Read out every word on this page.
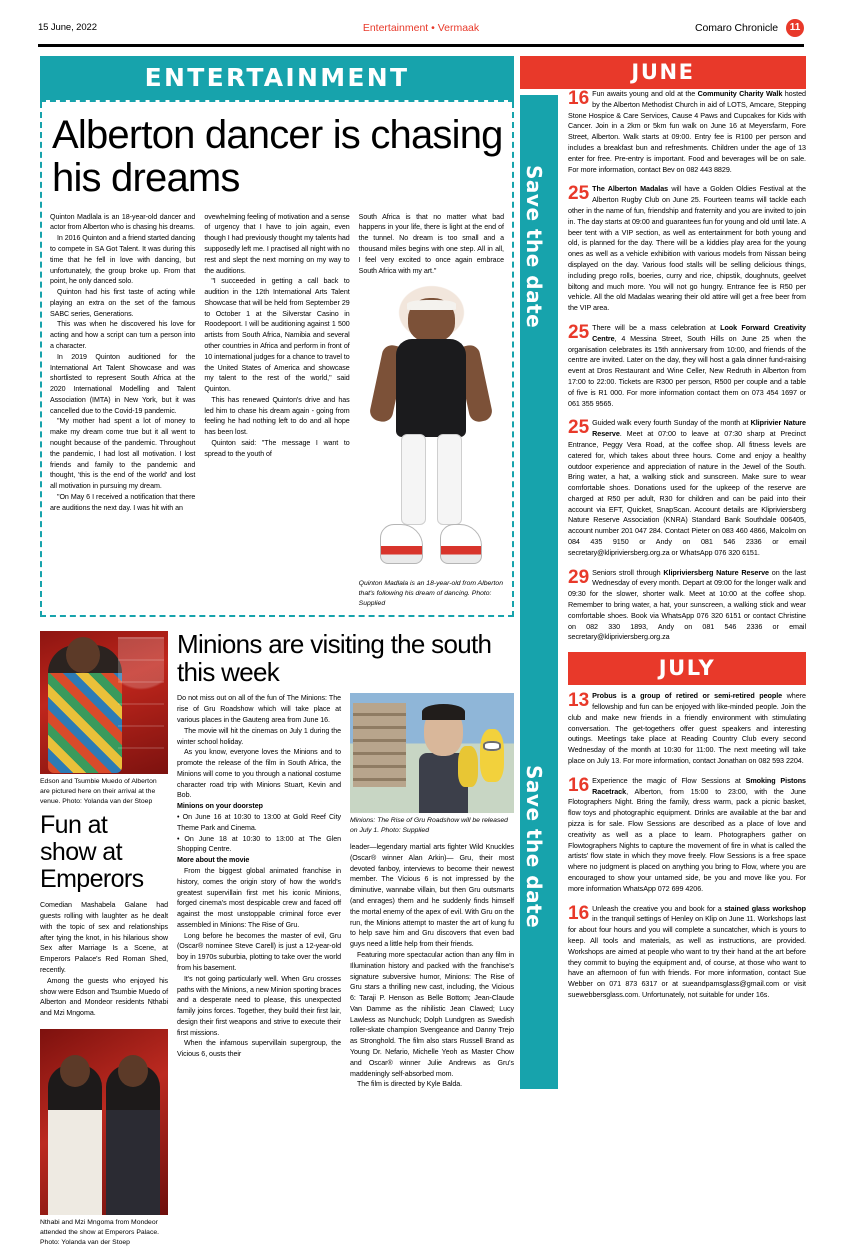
15 June, 2022	Entertainment • Vermaak	Comaro Chronicle	11
ENTERTAINMENT
Alberton dancer is chasing his dreams

Quinton Madlala is an 18-year-old dancer and actor from Alberton who is chasing his dreams.

In 2016 Quinton and a friend started dancing to compete in SA Got Talent. It was during this time that he fell in love with dancing, but unfortunately, the group broke up. From that point, he only danced solo.

Quinton had his first taste of acting while playing an extra on the set of the famous SABC series, Generations.

This was when he discovered his love for acting and how a script can turn a person into a character.

In 2019 Quinton auditioned for the International Art Talent Showcase and was shortlisted to represent South Africa at the 2020 International Modelling and Talent Association (IMTA) in New York, but it was cancelled due to the Covid-19 pandemic.

"My mother had spent a lot of money to make my dream come true but it all went to nought because of the pandemic. Throughout the pandemic, I had lost all motivation. I lost friends and family to the pandemic and thought, 'this is the end of the world' and lost all motivation in pursuing my dream.

"On May 6 I received a notification that there are auditions the next day. I was hit with an

ovewhelming feeling of motivation and a sense of urgency that I have to join again, even though I had previously thought my talents had supposedly left me. I practised all night with no rest and slept the next morning on my way to the auditions.

"I succeeded in getting a call back to audition in the 12th International Arts Talent Showcase that will be held from September 29 to October 1 at the Silverstar Casino in Roodepoort. I will be auditioning against 1 500 artists from South Africa, Namibia and several other countries in Africa and perform in front of 10 international judges for a chance to travel to the United States of America and showcase my talent to the rest of the world," said Quinton.

This has renewed Quinton's drive and has led him to chase his dream again - going from feeling he had nothing left to do and all hope has been lost.

Quinton said: "The message I want to spread to the youth of

South Africa is that no matter what bad happens in your life, there is light at the end of the tunnel. No dream is too small and a thousand miles begins with one step. All in all, I feel very excited to once again embrace South Africa with my art."

Quinton Madlala is an 18-year-old from Alberton that's following his dream of dancing. Photo: Supplied
Edson and Tsumbie Muedo of Alberton are pictured here on their arrival at the venue. Photo: Yolanda van der Stoep
Fun at show at Emperors

Comedian Mashabela Galane had guests rolling with laughter as he dealt with the topic of sex and relationships after tying the knot, in his hilarious show Sex after Marriage Is a Scene, at Emperors Palace's Red Roman Shed, recently.

Among the guests who enjoyed his show were Edson and Tsumbie Muedo of Alberton and Mondeor residents Nthabi and Mzi Mngoma.

Nthabi and Mzi Mngoma from Mondeor attended the show at Emperors Palace. Photo: Yolanda van der Stoep
Minions are visiting the south this week

Do not miss out on all of the fun of The Minions: The rise of Gru Roadshow which will take place at various places in the Gauteng area from June 16.

The movie will hit the cinemas on July 1 during the winter school holiday.

As you know, everyone loves the Minions and to promote the release of the film in South Africa, the Minions will come to you through a national costume character road trip with Minions Stuart, Kevin and Bob.

Minions on your doorstep

• On June 16 at 10:30 to 13:00 at Gold Reef City Theme Park and Cinema.

• On June 18 at 10:30 to 13:00 at The Glen Shopping Centre.

More about the movie

From the biggest global animated franchise in history, comes the origin story of how the world's greatest supervillain first met his iconic Minions, forged cinema's most despicable crew and faced off against the most unstoppable criminal force ever assembled in Minions: The Rise of Gru.

Long before he becomes the master of evil, Gru (Oscar® nominee Steve Carell) is just a 12-year-old boy in 1970s suburbia, plotting to take over the world from his basement.

It's not going particularly well. When Gru crosses paths with the Minions, a new Minion sporting braces and a desperate need to please, this unexpected family joins forces. Together, they build their first lair, design their first weapons and strive to execute their first missions.

When the infamous supervillain supergroup, the Vicious 6, ousts their

Minions: The Rise of Gru Roadshow will be released on July 1. Photo: Supplied

leader—legendary martial arts fighter Wild Knuckles (Oscar® winner Alan Arkin)— Gru, their most devoted fanboy, interviews to become their newest member. The Vicious 6 is not impressed by the diminutive, wannabe villain, but then Gru outsmarts (and enrages) them and he suddenly finds himself the mortal enemy of the apex of evil. With Gru on the run, the Minions attempt to master the art of kung fu to help save him and Gru discovers that even bad guys need a little help from their friends.

Featuring more spectacular action than any film in Illumination history and packed with the franchise's signature subversive humor, Minions: The Rise of Gru stars a thrilling new cast, including, the Vicious 6: Taraji P. Henson as Belle Bottom; Jean-Claude Van Damme as the nihilistic Jean Clawed; Lucy Lawless as Nunchuck; Dolph Lundgren as Swedish roller-skate champion Svengeance and Danny Trejo as Stronghold. The film also stars Russell Brand as Young Dr. Nefario, Michelle Yeoh as Master Chow and Oscar® winner Julie Andrews as Gru's maddeningly self-absorbed mom.

The film is directed by Kyle Balda.

JUNE
Save the date
16 Fun awaits young and old at the Community Charity Walk hosted by the Alberton Methodist Church in aid of LOTS, Amcare, Stepping Stone Hospice & Care Services, Cause 4 Paws and Cupcakes for Kids with Cancer. Join in a 2km or 5km fun walk on June 16 at Meyersfarm, Fore Street, Alberton. Walk starts at 09:00. Entry fee is R100 per person and includes a breakfast bun and refreshments. Children under the age of 13 enter for free. Pre-entry is important. Food and beverages will be on sale. For more information, contact Bev on 082 443 8829.

25 The Alberton Madalas will have a Golden Oldies Festival at the Alberton Rugby Club on June 25. Fourteen teams will tackle each other in the name of fun, friendship and fraternity and you are invited to join in. The day starts at 09:00 and guarantees fun for young and old until late. A beer tent with a VIP section, as well as entertainment for both young and old, is planned for the day. There will be a kiddies play area for the young ones as well as a vehicle exhibition with various models from Nissan being displayed on the day. Various food stalls will be selling delicious things, including prego rolls, boeries, curry and rice, chipstik, doughnuts, geelvet biltong and much more. You will not go hungry. Entrance fee is R50 per vehicle. All the old Madalas wearing their old attire will get a free beer from the VIP area.

25 There will be a mass celebration at Look Forward Creativity Centre, 4 Messina Street, South Hills on June 25 when the organisation celebrates its 15th anniversary from 10:00, and friends of the centre are invited. Later on the day, they will host a gala dinner fund-raising event at Dros Restaurant and Wine Celler, New Redruth in Alberton from 17:00 to 22:00. Tickets are R300 per person, R500 per couple and a table of five is R1 000. For more information contact them on 073 454 1697 or 061 355 9565.

25 Guided walk every fourth Sunday of the month at Kliprivier Nature Reserve. Meet at 07:00 to leave at 07:30 sharp at Precinct Entrance, Peggy Vera Road, at the coffee shop. All fitness levels are catered for, which takes about three hours. Come and enjoy a healthy outdoor experience and appreciation of nature in the Jewel of the South. Bring water, a hat, a walking stick and sunscreen. Make sure to wear comfortable shoes. Donations used for the upkeep of the reserve are charged at R50 per adult, R30 for children and can be paid into their account via EFT, Quicket, SnapScan. Account details are Klipriviersberg Nature Reserve Association (KNRA) Standard Bank Southdale 006405, account number 201 047 284. Contact Pieter on 083 460 4866, Malcolm on 084 435 9150 or Andy on 081 546 2336 or email secretary@klipriviersberg.org.za or WhatsApp 076 320 6151.

29 Seniors stroll through Klipriviersberg Nature Reserve on the last Wednesday of every month. Depart at 09:00 for the longer walk and 09:30 for the slower, shorter walk. Meet at 10:00 at the coffee shop. Remember to bring water, a hat, your sunscreen, a walking stick and wear comfortable shoes. Book via WhatsApp 076 320 6151 or contact Christine on 082 330 1893, Andy on 081 546 2336 or email secretary@klipriviersberg.org.za

JULY
Save the date
13 Probus is a group of retired or semi-retired people where fellowship and fun can be enjoyed with like-minded people. Join the club and make new friends in a friendly environment with stimulating conversation. The get-togethers offer guest speakers and interesting outings. Meetings take place at Reading Country Club every second Wednesday of the month at 10:30 for 11:00. The next meeting will take place on July 13. For more information, contact Jonathan on 082 593 2204.

16 Experience the magic of Flow Sessions at Smoking Pistons Racetrack, Alberton, from 15:00 to 23:00, with the June Flotographers Night. Bring the family, dress warm, pack a picnic basket, flow toys and photographic equipment. Drinks are available at the bar and pizza is for sale. Flow Sessions are described as a place of love and creativity as well as a place to learn. Photographers gather on Flowtographers Nights to capture the movement of fire in what is called the artists' flow state in which they move freely. Flow Sessions is a free space where no judgment is placed on anything you bring to Flow, where you are encouraged to show your untamed side, be you and move like you. For more information WhatsApp 072 699 4206.

16 Unleash the creative you and book for a stained glass workshop in the tranquil settings of Henley on Klip on June 11. Workshops last for about four hours and you will complete a suncatcher, which is yours to keep. All tools and materials, as well as instructions, are provided. Workshops are aimed at people who want to try their hand at the art before they commit to buying the equipment and, of course, at those who want to have an afternoon of fun with friends. For more information, contact Sue Webber on 071 873 6317 or at sueandpamsglass@gmail.com or visit suewebbersglass.com. Unfortunately, not suitable for under 16s.
